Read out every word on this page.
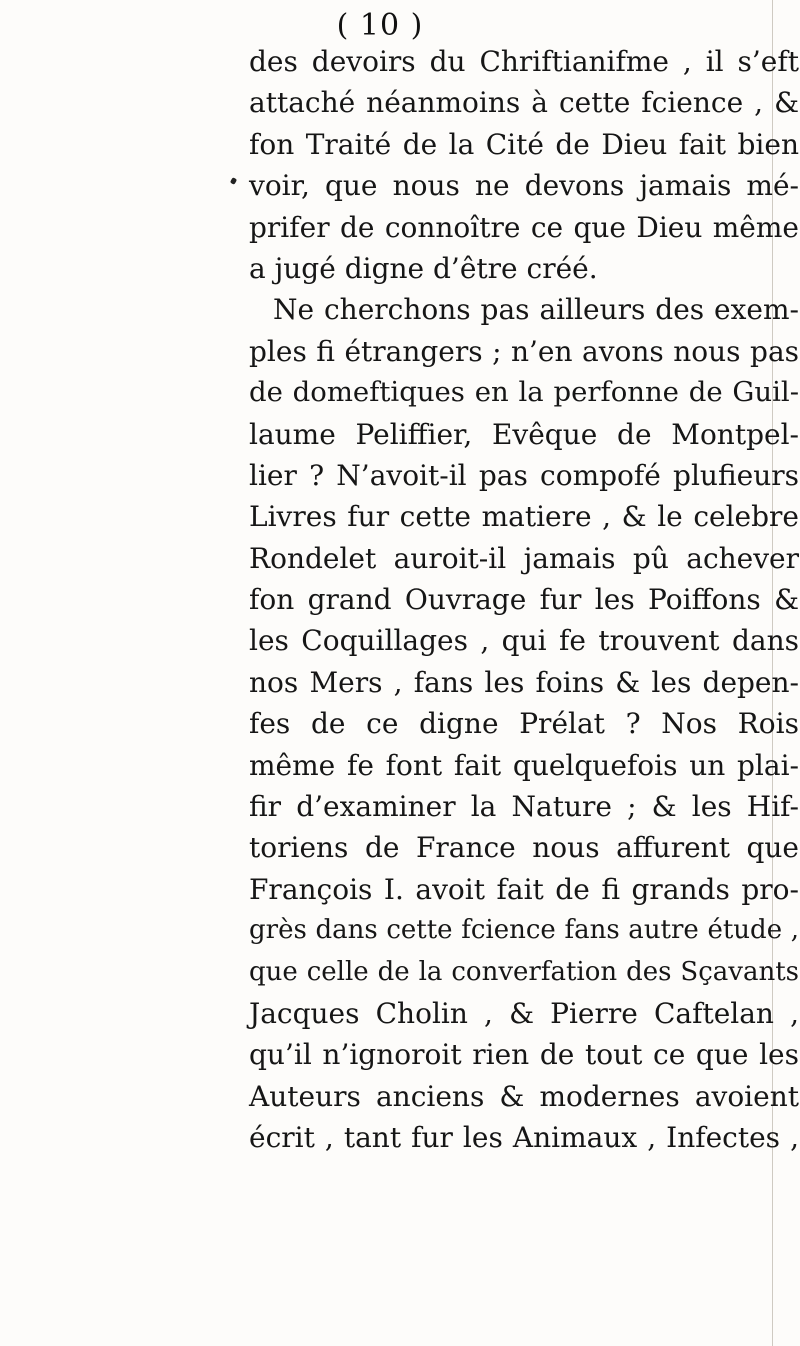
( 10 )
des devoirs du Chriftianifme , il s’eft
attaché néanmoins à cette fcience , &
fon Traité de la Cité de Dieu fait bien
voir, que nous ne devons jamais mé-
prifer de connoître ce que Dieu même
a jugé digne d’être créé.
Ne cherchons pas ailleurs des exem-
ples fi étrangers ; n’en avons nous pas
de domeftiques en la perfonne de Guil-
laume Peliffier, Evêque de Montpel-
lier ? N’avoit-il pas compofé plufieurs
Livres fur cette matiere , & le celebre
Rondelet auroit-il jamais pû achever
fon grand Ouvrage fur les Poiffons &
les Coquillages , qui fe trouvent dans
nos Mers , fans les foins & les depen-
fes de ce digne Prélat ? Nos Rois
même fe font fait quelquefois un plai-
fir d’examiner la Nature ; & les Hif-
toriens de France nous affurent que
François I. avoit fait de fi grands pro-
grès dans cette fcience fans autre étude ,
que celle de la converfation des Sçavants
Jacques Cholin , & Pierre Caftelan ,
qu’il n’ignoroit rien de tout ce que les
Auteurs anciens & modernes avoient
écrit , tant fur les Animaux , Infectes ,
